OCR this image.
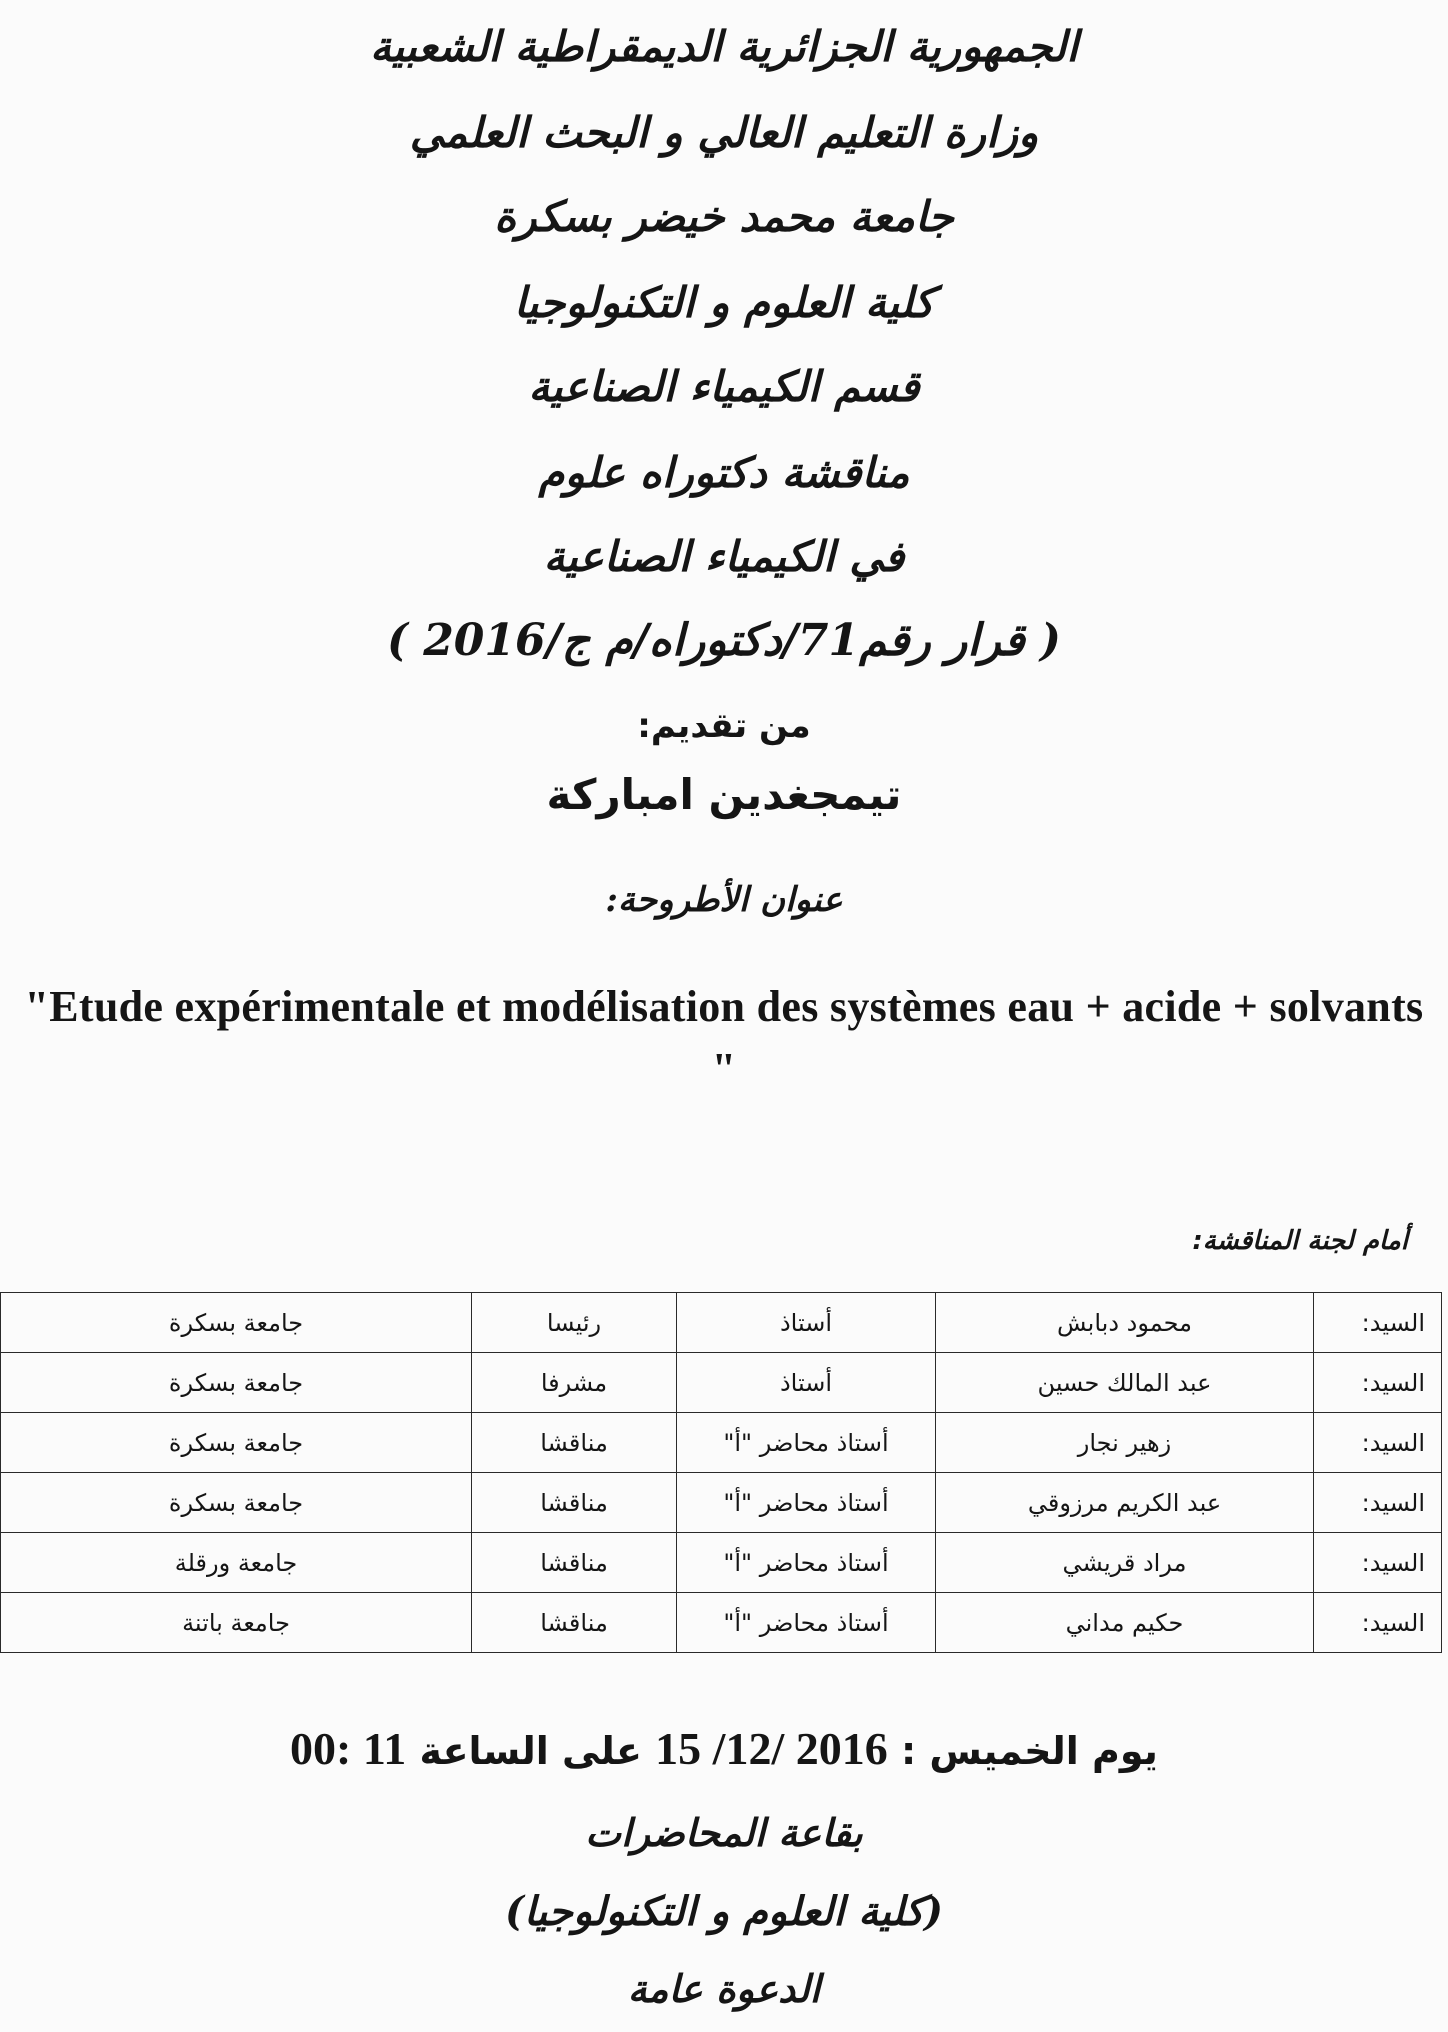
الجمهورية الجزائرية الديمقراطية الشعبية
وزارة التعليم العالي و البحث العلمي
جامعة محمد خيضر بسكرة
كلية العلوم و التكنولوجيا
قسم الكيمياء الصناعية
مناقشة دكتوراه علوم
في الكيمياء الصناعية
( قرار رقم71/دكتوراه/م ج/2016 )
من تقديم:
تيمجغدين امباركة
عنوان الأطروحة:
"Etude expérimentale et modélisation des systèmes eau + acide + solvants "
أمام لجنة المناقشة:
السيد:	محمود دبابش	أستاذ	رئيسا	جامعة بسكرة
السيد:	عبد المالك حسين	أستاذ	مشرفا	جامعة بسكرة
السيد:	زهير نجار	أستاذ محاضر "أ"	مناقشا	جامعة بسكرة
السيد:	عبد الكريم مرزوقي	أستاذ محاضر "أ"	مناقشا	جامعة بسكرة
السيد:	مراد قريشي	أستاذ محاضر "أ"	مناقشا	جامعة ورقلة
السيد:	حكيم مداني	أستاذ محاضر "أ"	مناقشا	جامعة باتنة
يوم الخميس : 15 /12/ 2016 على الساعة 00: 11
بقاعة المحاضرات
(كلية العلوم و التكنولوجيا)
الدعوة عامة
